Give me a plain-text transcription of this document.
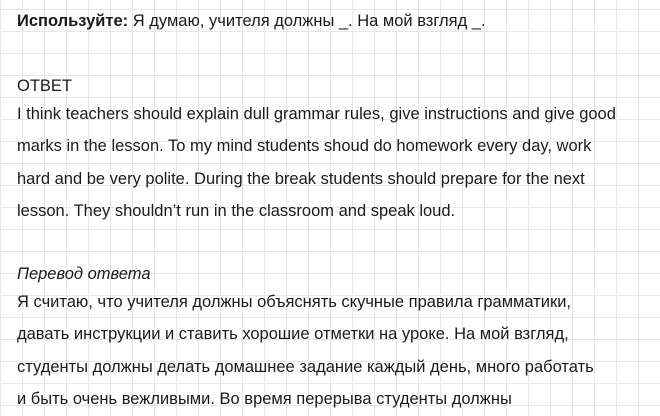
Используйте: Я думаю, учителя должны _. На мой взгляд _.
ОТВЕТ
I think teachers should explain dull grammar rules, give instructions and give good
marks in the lesson. To my mind students shoud do homework every day, work
hard and be very polite. During the break students should prepare for the next
lesson. They shouldn’t run in the classroom and speak loud.
Перевод ответа
Я считаю, что учителя должны объяснять скучные правила грамматики,
давать инструкции и ставить хорошие отметки на уроке. На мой взгляд,
студенты должны делать домашнее задание каждый день, много работать
и быть очень вежливыми. Во время перерыва студенты должны
